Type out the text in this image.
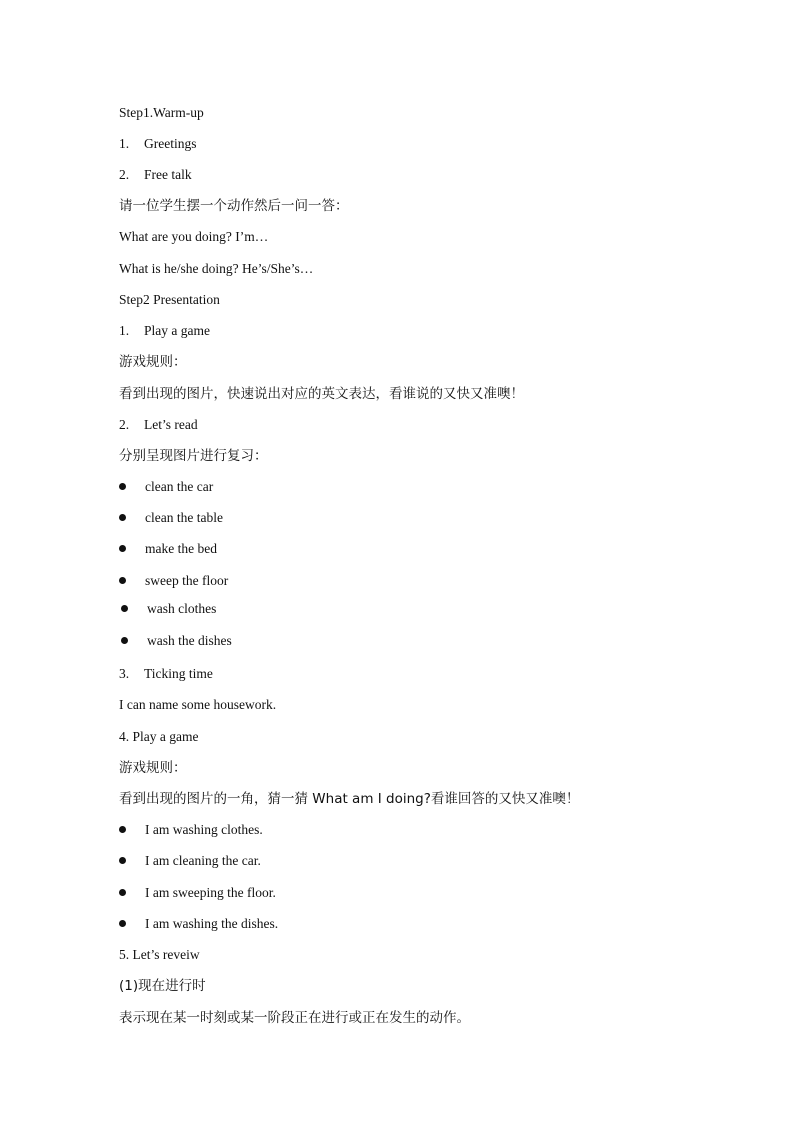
Step1.Warm-up
1. Greetings
2. Free talk
请一位学生摆一个动作然后一问一答：
What are you doing? I’m…
What is he/she doing? He’s/She’s…
Step2 Presentation
1. Play a game
游戏规则：
看到出现的图片，快速说出对应的英文表达，看谁说的又快又准噢！
2. Let’s read
分别呈现图片进行复习：
clean the car
clean the table
make the bed
sweep the floor
wash clothes
wash the dishes
3. Ticking time
I can name some housework.
4. Play a game
游戏规则：
看到出现的图片的一角，猜一猜 What am I doing?看谁回答的又快又准噢！
I am washing clothes.
I am cleaning the car.
I am sweeping the floor.
I am washing the dishes.
5. Let’s reveiw
(1)现在进行时
表示现在某一时刻或某一阶段正在进行或正在发生的动作。
